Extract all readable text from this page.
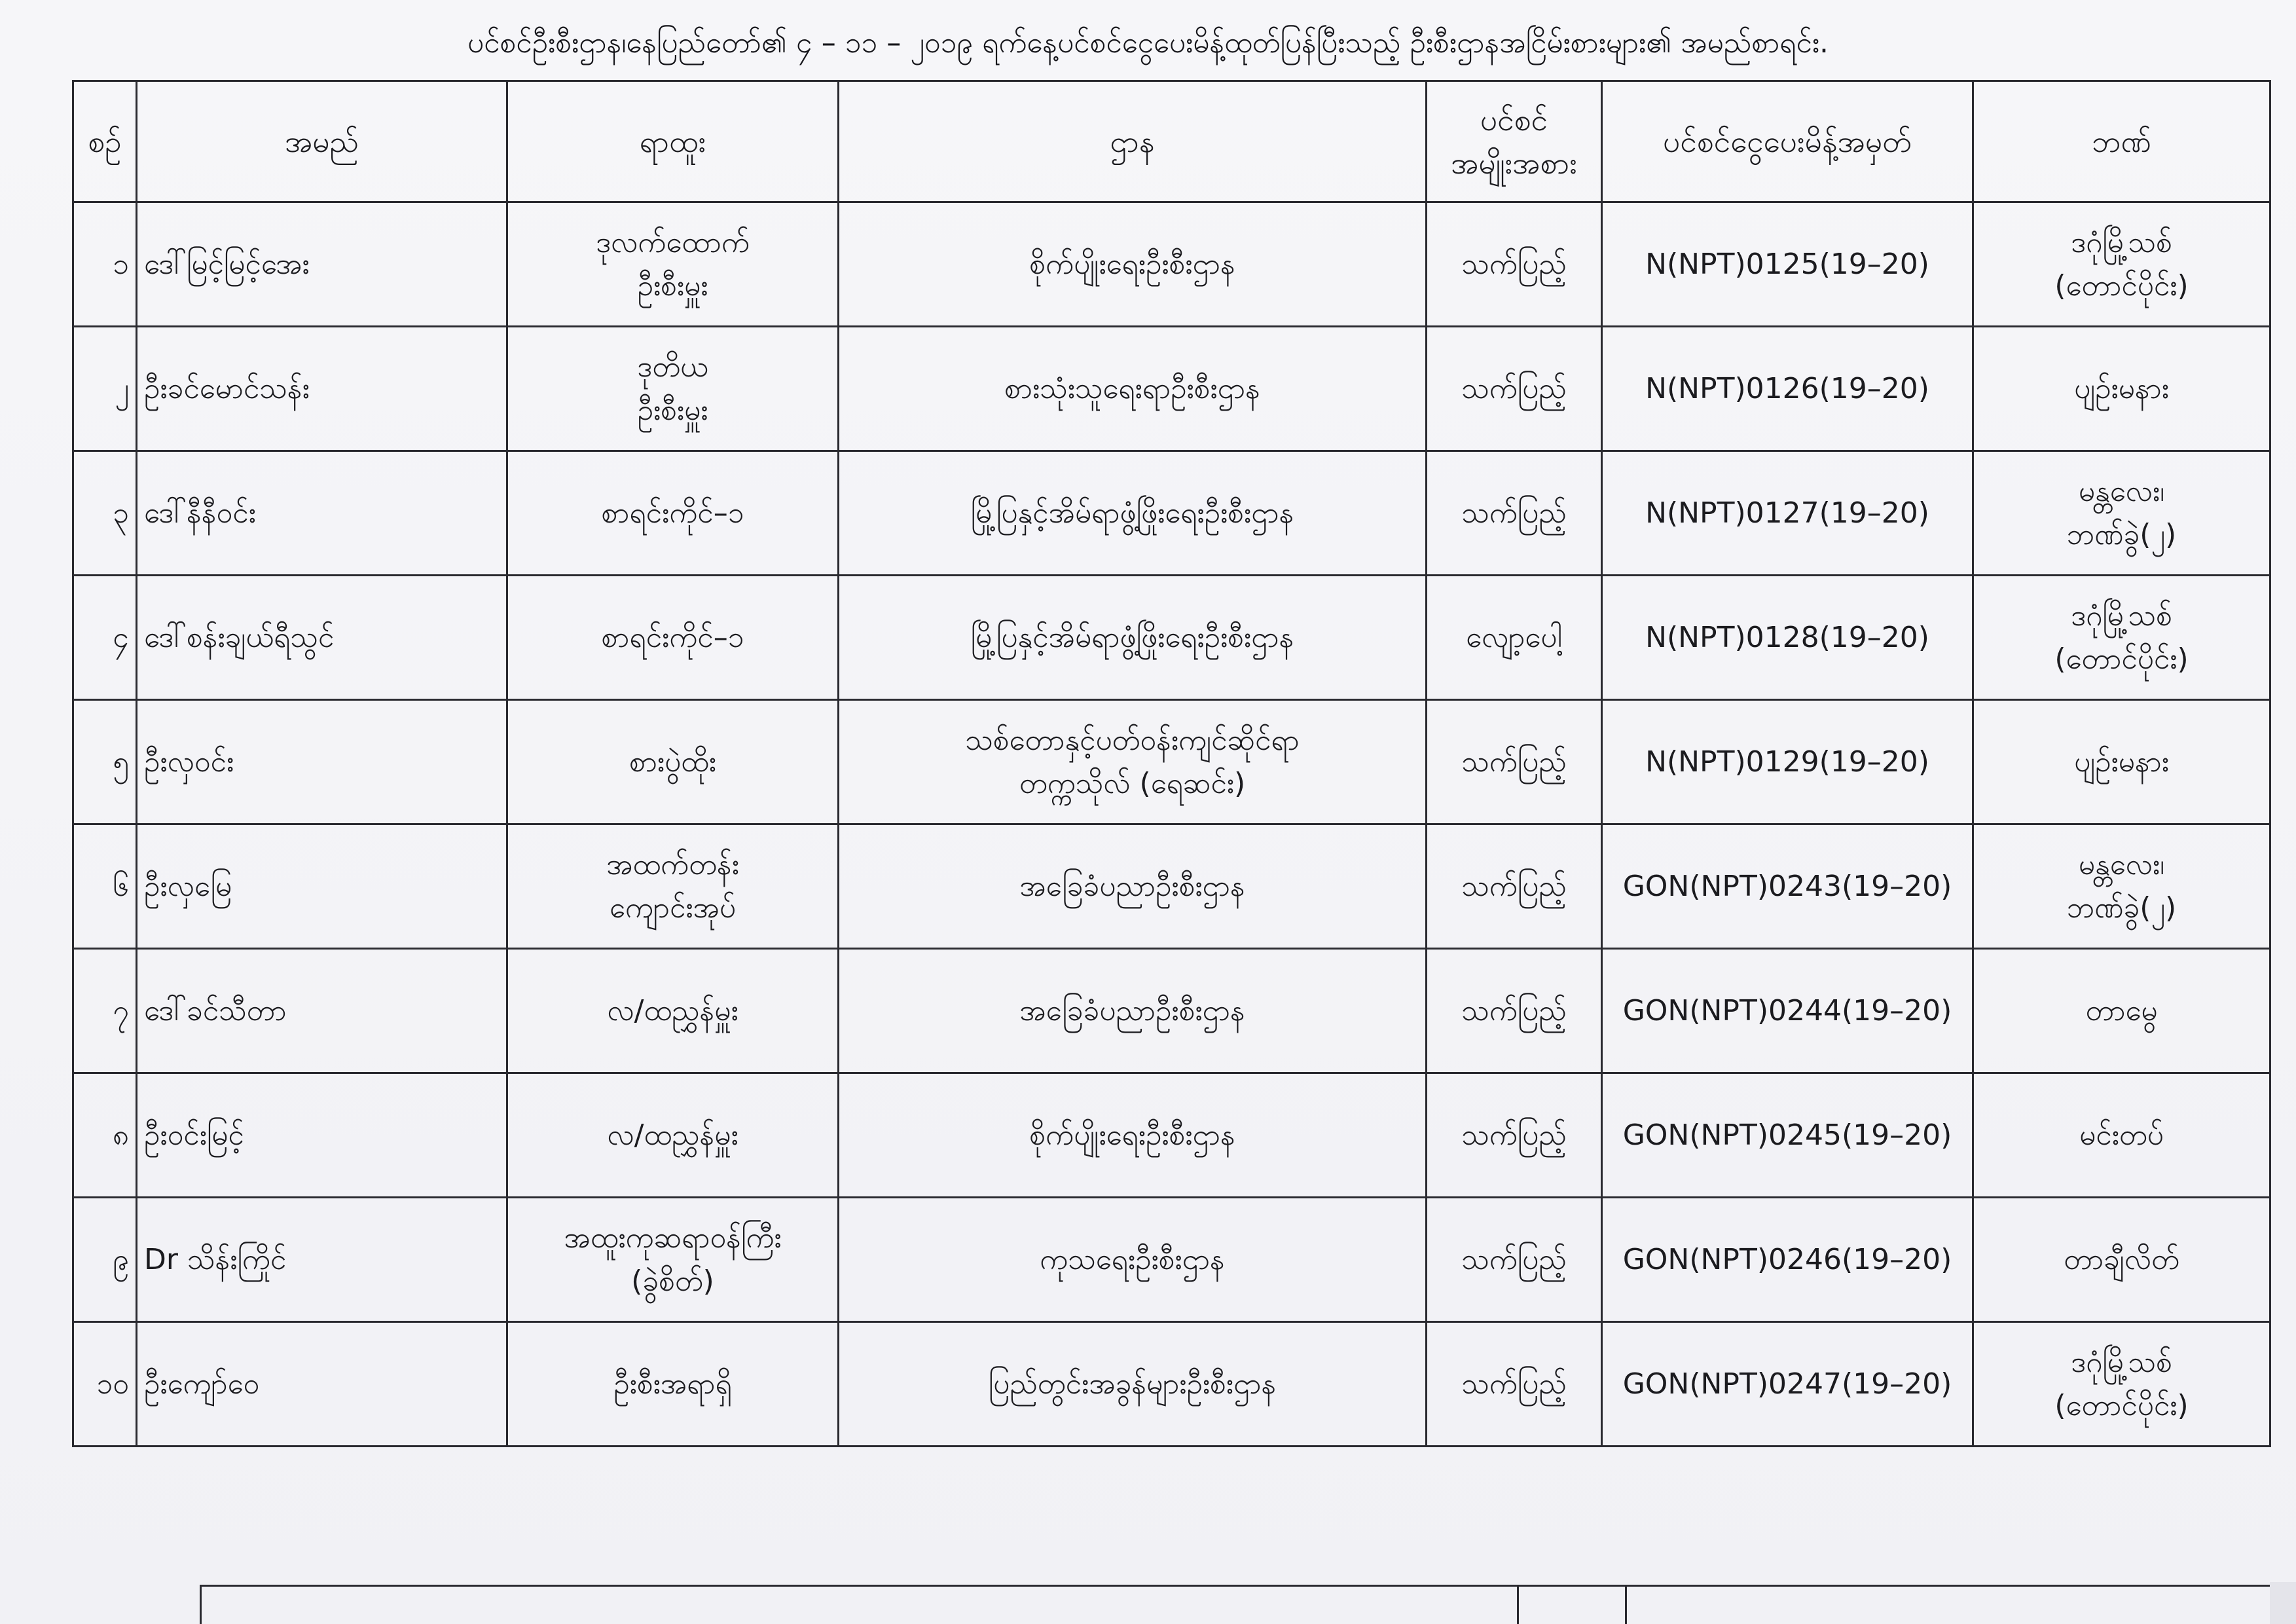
ပင်စင်ဦးစီးဌာန၊နေပြည်တော်၏ ၄ – ၁၁ – ၂၀၁၉ ရက်နေ့ပင်စင်ငွေပေးမိန့်ထုတ်ပြန်ပြီးသည့် ဦးစီးဌာနအငြိမ်းစားများ၏ အမည်စာရင်း.
စဉ်	အမည်	ရာထူး	ဌာန	ပင်စင်
အမျိုးအစား	ပင်စင်ငွေပေးမိန့်အမှတ်	ဘဏ်
၁	ဒေါ်မြင့်မြင့်အေး	ဒုလက်ထောက်
ဦးစီးမှူး	စိုက်ပျိုးရေးဦးစီးဌာန	သက်ပြည့်	N(NPT)0125(19–20)	ဒဂုံမြို့သစ်
(တောင်ပိုင်း)

၂	ဦးခင်မောင်သန်း	ဒုတိယ
ဦးစီးမှူး	စားသုံးသူရေးရာဦးစီးဌာန	သက်ပြည့်	N(NPT)0126(19–20)	ပျဉ်းမနား

၃	ဒေါ်နီနီဝင်း	စာရင်းကိုင်–၁	မြို့ပြနှင့်အိမ်ရာဖွံ့ဖြိုးရေးဦးစီးဌာန	သက်ပြည့်	N(NPT)0127(19–20)	မန္တလေး၊
ဘဏ်ခွဲ(၂)

၄	ဒေါ်စန်းချယ်ရီသွင်	စာရင်းကိုင်–၁	မြို့ပြနှင့်အိမ်ရာဖွံ့ဖြိုးရေးဦးစီးဌာန	လျော့ပေါ့	N(NPT)0128(19–20)	ဒဂုံမြို့သစ်
(တောင်ပိုင်း)

၅	ဦးလှဝင်း	စားပွဲထိုး	သစ်တောနှင့်ပတ်ဝန်းကျင်ဆိုင်ရာ
တက္ကသိုလ် (ရေဆင်း)	သက်ပြည့်	N(NPT)0129(19–20)	ပျဉ်းမနား

၆	ဦးလှမြေ	အထက်တန်း
ကျောင်းအုပ်	အခြေခံပညာဦးစီးဌာန	သက်ပြည့်	GON(NPT)0243(19–20)	မန္တလေး၊
ဘဏ်ခွဲ(၂)

၇	ဒေါ်ခင်သီတာ	လ/ထညွှန်မှူး	အခြေခံပညာဦးစီးဌာန	သက်ပြည့်	GON(NPT)0244(19–20)	တာမွေ

၈	ဦးဝင်းမြင့်	လ/ထညွှန်မှူး	စိုက်ပျိုးရေးဦးစီးဌာန	သက်ပြည့်	GON(NPT)0245(19–20)	မင်းတပ်

၉	Dr သိန်းကြိုင်	အထူးကုဆရာဝန်ကြီး
(ခွဲစိတ်)	ကုသရေးဦးစီးဌာန	သက်ပြည့်	GON(NPT)0246(19–20)	တာချီလိတ်

၁၀	ဦးကျော်ဝေ	ဦးစီးအရာရှိ	ပြည်တွင်းအခွန်များဦးစီးဌာန	သက်ပြည့်	GON(NPT)0247(19–20)	ဒဂုံမြို့သစ်
(တောင်ပိုင်း)
